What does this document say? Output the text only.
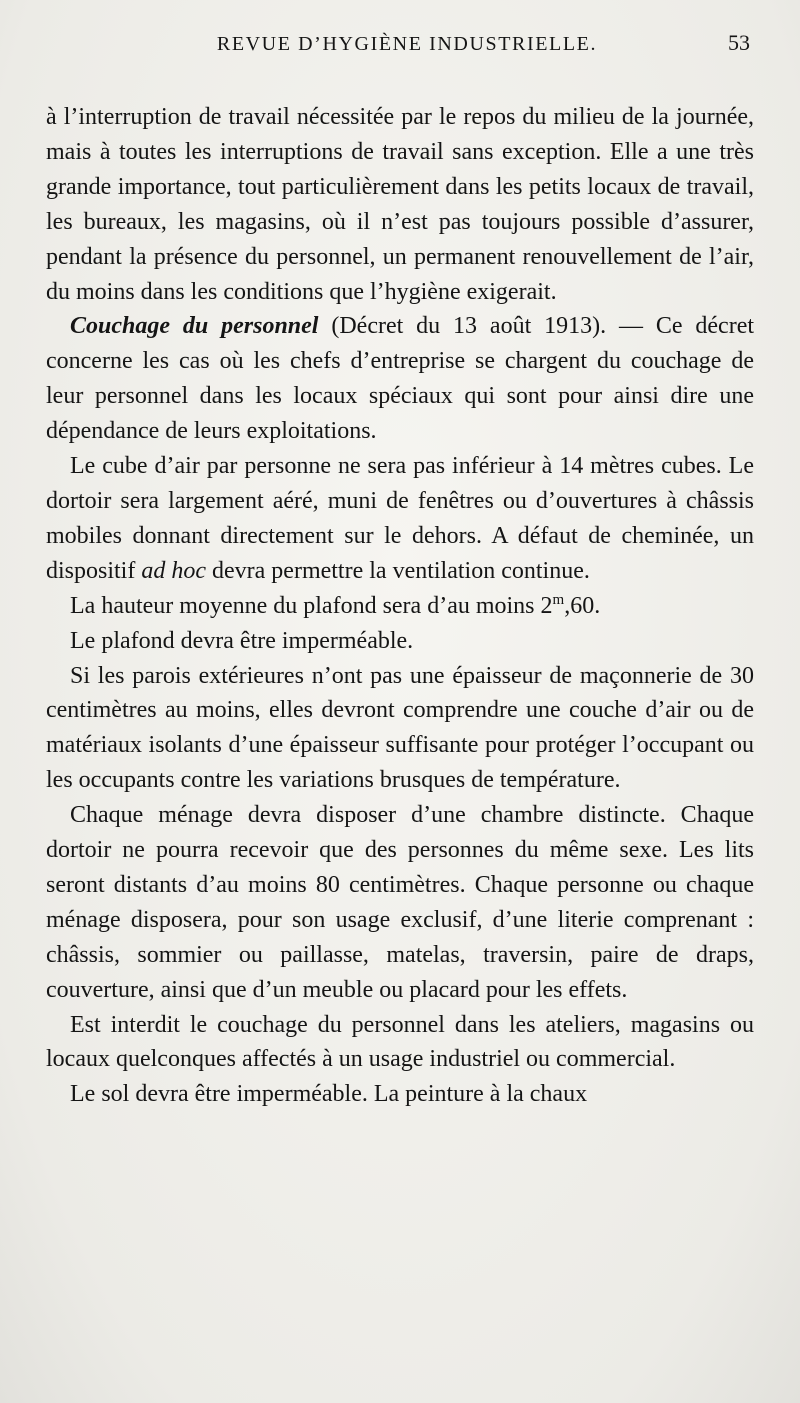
REVUE D’HYGIÈNE INDUSTRIELLE.	53

à l’interruption de travail nécessitée par le repos du milieu de la journée, mais à toutes les interruptions de travail sans exception. Elle a une très grande importance, tout particulièrement dans les petits locaux de travail, les bureaux, les magasins, où il n’est pas toujours possible d’assurer, pendant la présence du personnel, un permanent renouvellement de l’air, du moins dans les conditions que l’hygiène exigerait.

Couchage du personnel (Décret du 13 août 1913). — Ce décret concerne les cas où les chefs d’entreprise se chargent du couchage de leur personnel dans les locaux spéciaux qui sont pour ainsi dire une dépendance de leurs exploitations.

Le cube d’air par personne ne sera pas inférieur à 14 mètres cubes. Le dortoir sera largement aéré, muni de fenêtres ou d’ouvertures à châssis mobiles donnant directement sur le dehors. A défaut de cheminée, un dispositif ad hoc devra permettre la ventilation continue.

La hauteur moyenne du plafond sera d’au moins 2$^m$,60.

Le plafond devra être imperméable.

Si les parois extérieures n’ont pas une épaisseur de maçonnerie de 30 centimètres au moins, elles devront comprendre une couche d’air ou de matériaux isolants d’une épaisseur suffisante pour protéger l’occupant ou les occupants contre les variations brusques de température.

Chaque ménage devra disposer d’une chambre distincte. Chaque dortoir ne pourra recevoir que des personnes du même sexe. Les lits seront distants d’au moins 80 centimètres. Chaque personne ou chaque ménage disposera, pour son usage exclusif, d’une literie comprenant : châssis, sommier ou paillasse, matelas, traversin, paire de draps, couverture, ainsi que d’un meuble ou placard pour les effets.

Est interdit le couchage du personnel dans les ateliers, magasins ou locaux quelconques affectés à un usage industriel ou commercial.

Le sol devra être imperméable. La peinture à la chaux
